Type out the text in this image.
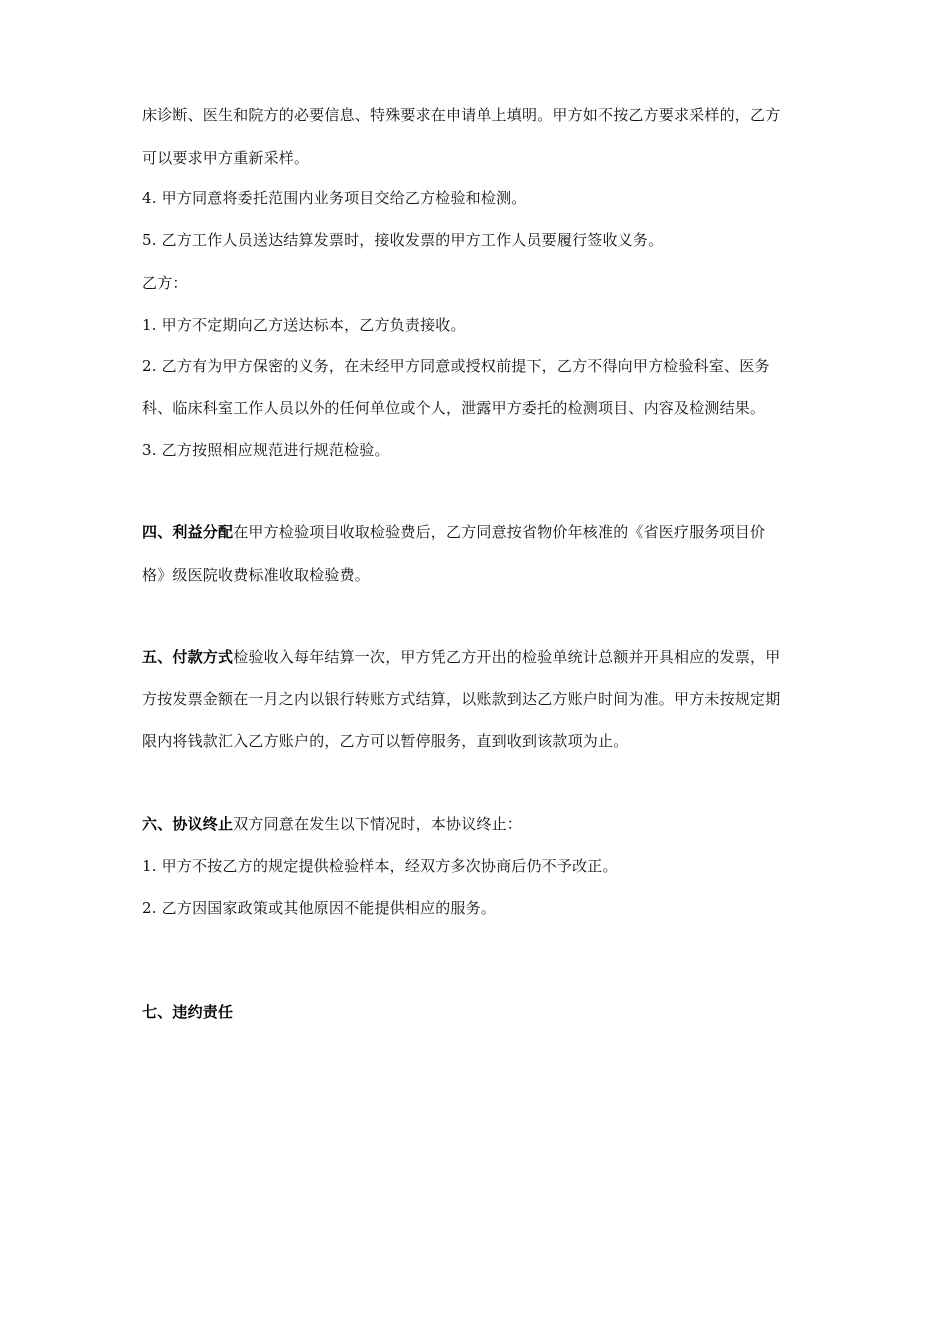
床诊断、医生和院方的必要信息、特殊要求在申请单上填明。甲方如不按乙方要求采样的，乙方
可以要求甲方重新采样。
4. 甲方同意将委托范围内业务项目交给乙方检验和检测。
5. 乙方工作人员送达结算发票时，接收发票的甲方工作人员要履行签收义务。
乙方：
1. 甲方不定期向乙方送达标本，乙方负责接收。
2. 乙方有为甲方保密的义务，在未经甲方同意或授权前提下，乙方不得向甲方检验科室、医务
科、临床科室工作人员以外的任何单位或个人，泄露甲方委托的检测项目、内容及检测结果。
3. 乙方按照相应规范进行规范检验。
四、利益分配在甲方检验项目收取检验费后，乙方同意按省物价年核准的《省医疗服务项目价
格》级医院收费标准收取检验费。
五、付款方式检验收入每年结算一次，甲方凭乙方开出的检验单统计总额并开具相应的发票，甲
方按发票金额在一月之内以银行转账方式结算，以账款到达乙方账户时间为准。甲方未按规定期
限内将钱款汇入乙方账户的，乙方可以暂停服务，直到收到该款项为止。
六、协议终止双方同意在发生以下情况时，本协议终止：
1. 甲方不按乙方的规定提供检验样本，经双方多次协商后仍不予改正。
2. 乙方因国家政策或其他原因不能提供相应的服务。
七、违约责任
